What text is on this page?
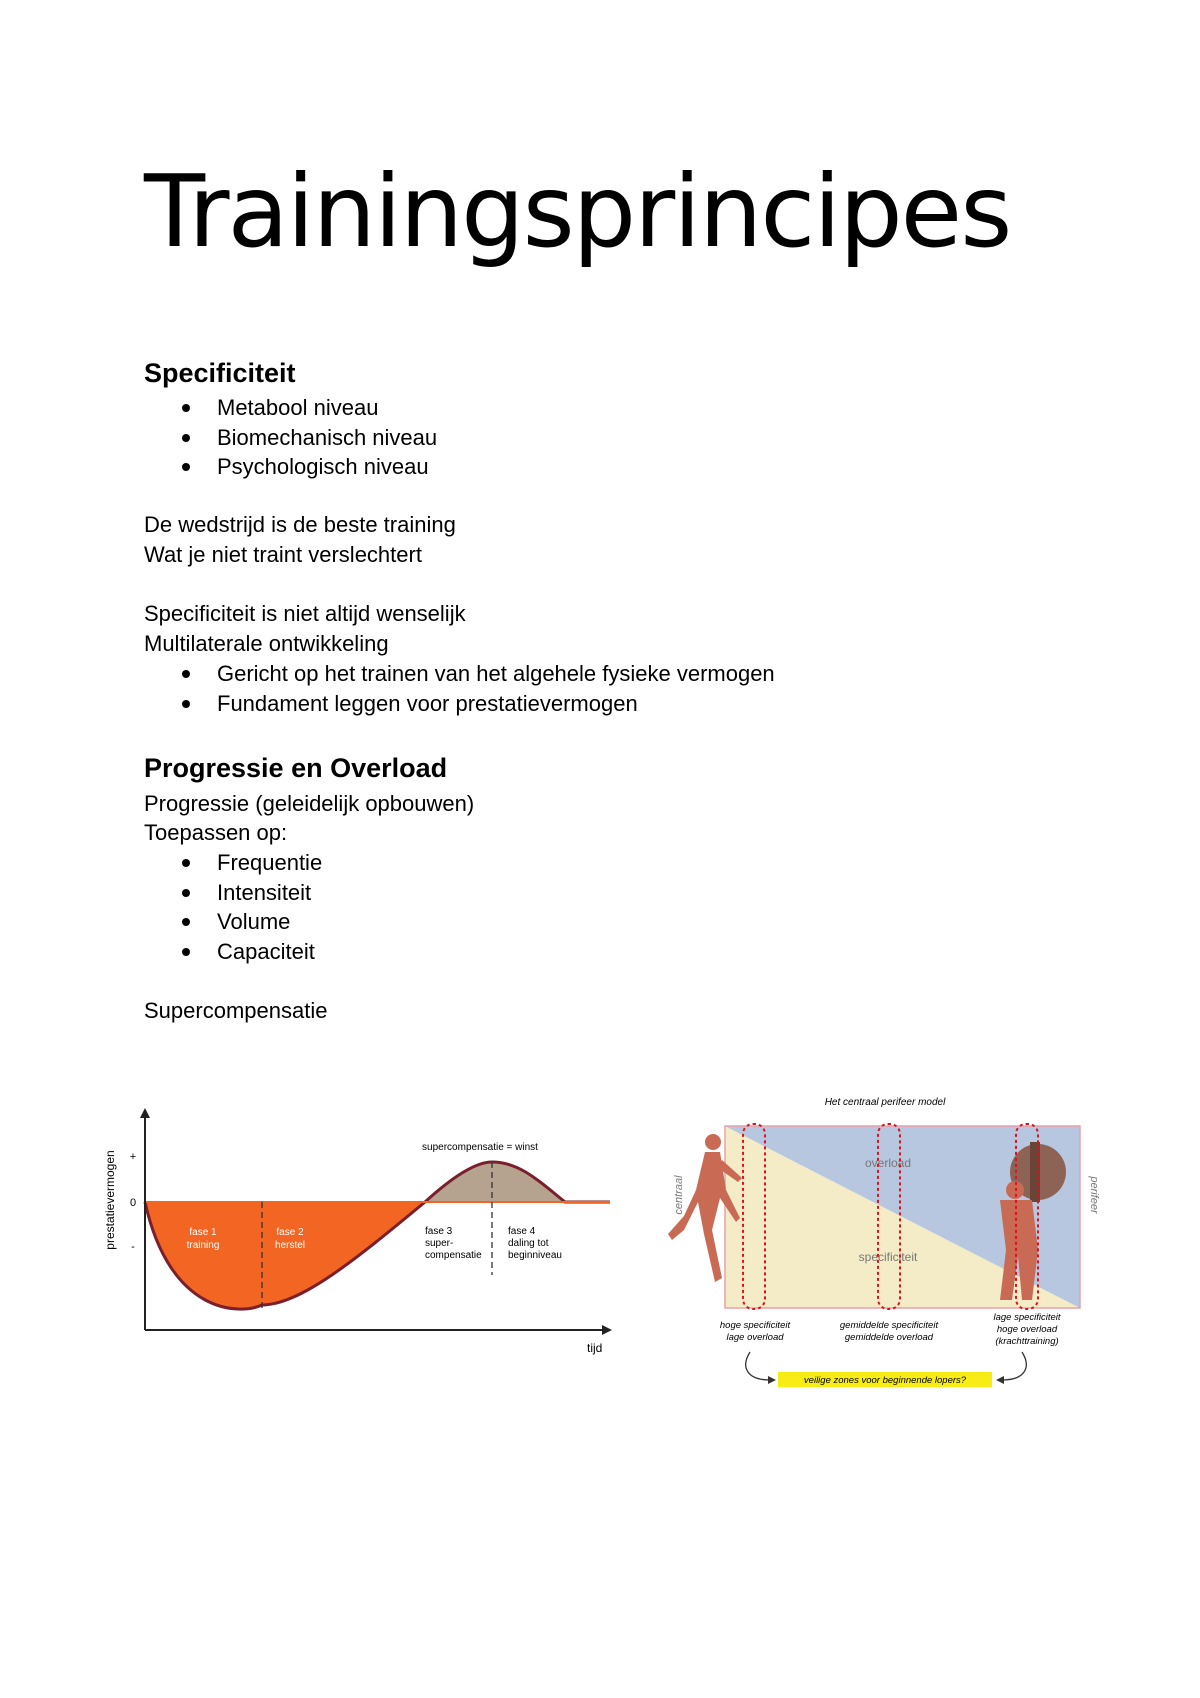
Trainingsprincipes
Specificiteit
Metabool niveau
Biomechanisch niveau
Psychologisch niveau
De wedstrijd is de beste training
Wat je niet traint verslechtert
Specificiteit is niet altijd wenselijk
Multilaterale ontwikkeling
Gericht op het trainen van het algehele fysieke vermogen
Fundament leggen voor prestatievermogen
Progressie en Overload
Progressie (geleidelijk opbouwen)
Toepassen op:
Frequentie
Intensiteit
Volume
Capaciteit
Supercompensatie
prestatievermogen +
0
-
tijd
supercompensatie = winst
fase 1
training
fase 2
herstel
fase 3
super-
compensatie
fase 4
daling tot
beginniveau
Het centraal perifeer model
overload
specificiteit
centraal	perifeer
hoge specificiteit
lage overload
gemiddelde specificiteit
gemiddelde overload
lage specificiteit
hoge overload
(krachttraining)
veilige zones voor beginnende lopers?
